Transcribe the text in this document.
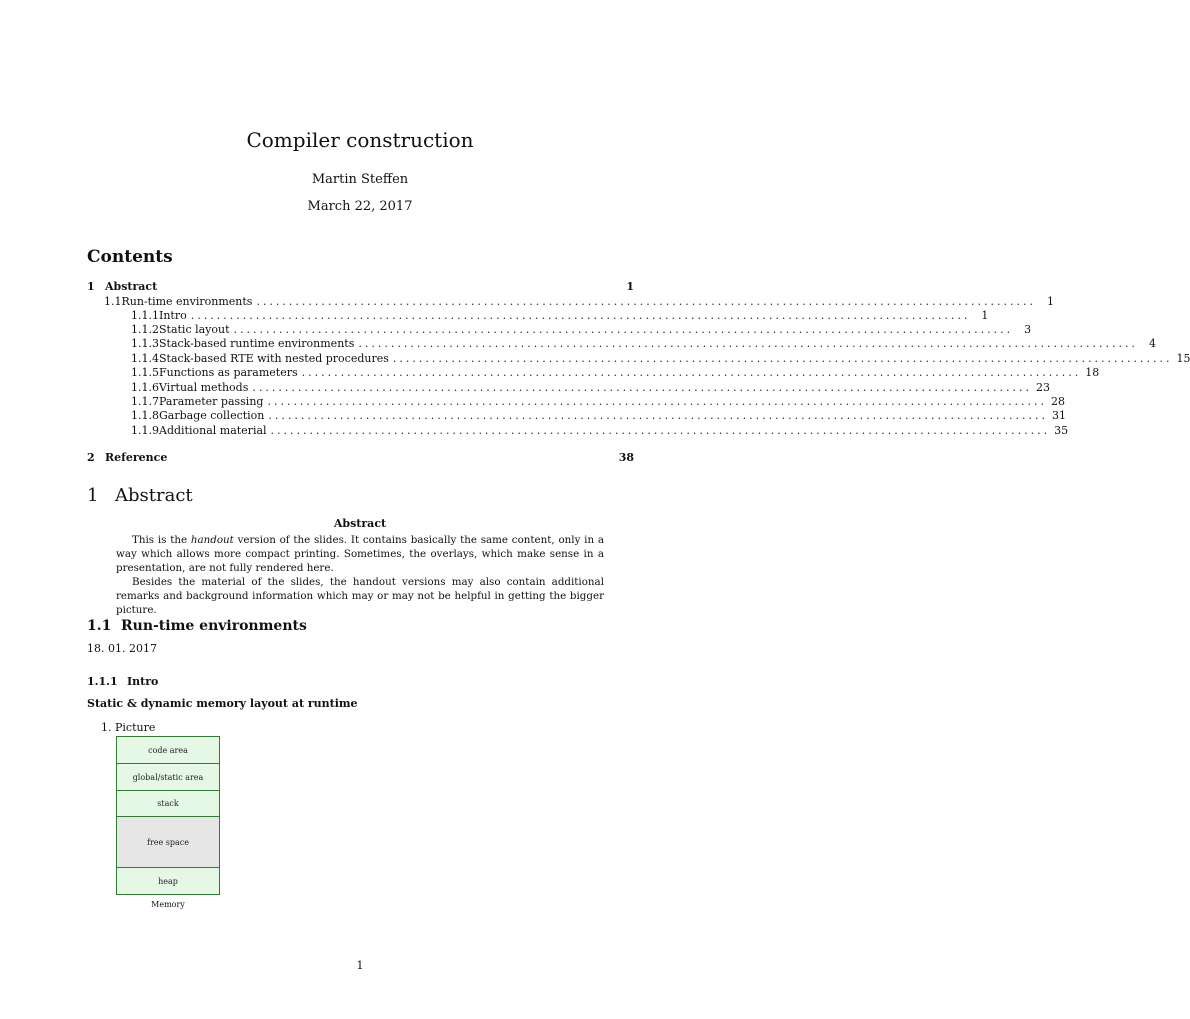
Compiler construction
Martin Steffen
March 22, 2017
Contents
1 Abstract	1
1.1 Run-time environments ........................................................................................................................	1
1.1.1 Intro ........................................................................................................................	1
1.1.2 Static layout ........................................................................................................................	3
1.1.3 Stack-based runtime environments ........................................................................................................................	4
1.1.4 Stack-based RTE with nested procedures ........................................................................................................................ 15
1.1.5 Functions as parameters ........................................................................................................................ 18
1.1.6 Virtual methods ........................................................................................................................ 23
1.1.7 Parameter passing ........................................................................................................................ 28
1.1.8 Garbage collection ........................................................................................................................ 31
1.1.9 Additional material ........................................................................................................................ 35
2 Reference	38
1 Abstract
Abstract

This is the handout version of the slides. It contains basically the same content, only in a way which allows more compact printing. Sometimes, the overlays, which make sense in a presentation, are not fully rendered here.

Besides the material of the slides, the handout versions may also contain additional remarks and background information which may or may not be helpful in getting the bigger picture.

1.1 Run-time environments
18. 01. 2017
1.1.1 Intro
Static & dynamic memory layout at runtime
1. Picture
code area
global/static area
stack
free space
heap
Memory
1
